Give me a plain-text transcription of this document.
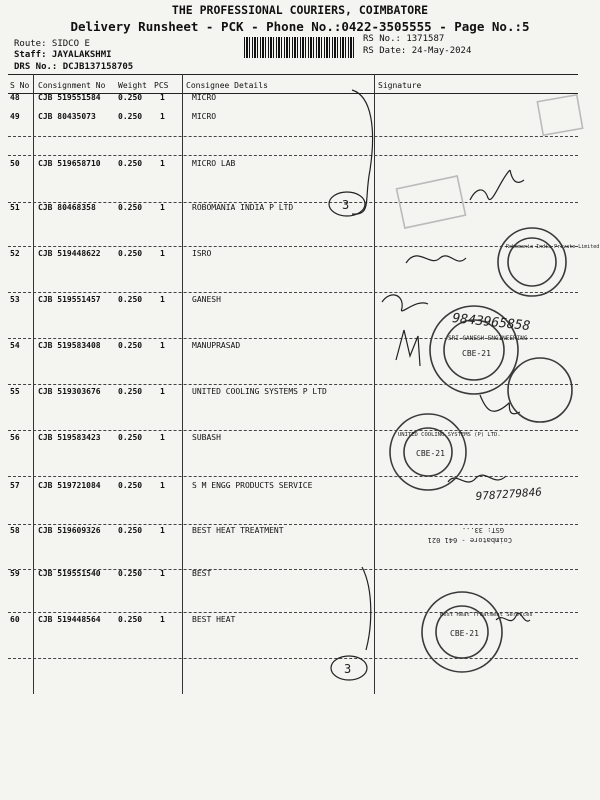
THE PROFESSIONAL COURIERS, COIMBATORE
Delivery Runsheet - PCK - Phone No.:0422-3505555 - Page No.:5
Route: SIDCO E
Staff: JAYALAKSHMI
DRS No.: DCJB137158705
RS No.: 1371587
RS Date: 24-May-2024
S No Consignment No Weight PCS Consignee Details	Signature
48 CJB 519551584 0.250 1	MICRO
49 CJB 80435073	0.250 1	MICRO
50 CJB 519658710 0.250 1	MICRO LAB
51 CJB 80468358	0.250 1	ROBOMANIA INDIA P LTD
52 CJB 519448622 0.250 1	ISRO
53 CJB 519551457 0.250 1	GANESH
54 CJB 519583408 0.250 1	MANUPRASAD
55 CJB 519303676 0.250 1	UNITED COOLING SYSTEMS P LTD
56 CJB 519583423 0.250 1	SUBASH
57 CJB 519721084 0.250 1	S M ENGG PRODUCTS SERVICE
58 CJB 519609326 0.250 1	BEST HEAT TREATMENT
59 CJB 519551540 0.250 1	BEST
60 CJB 519448564 0.250 1	BEST HEAT
3
3
9843965858
9787279846
SRI GANESH ENGINEERING
CBE-21
UNITED COOLING SYSTEMS (P) LTD.
CBE-21
Robomania India Private Limited
Best Heat Treatment Services
CBE-21
Coimbatore - 641 021
GST: 33...
